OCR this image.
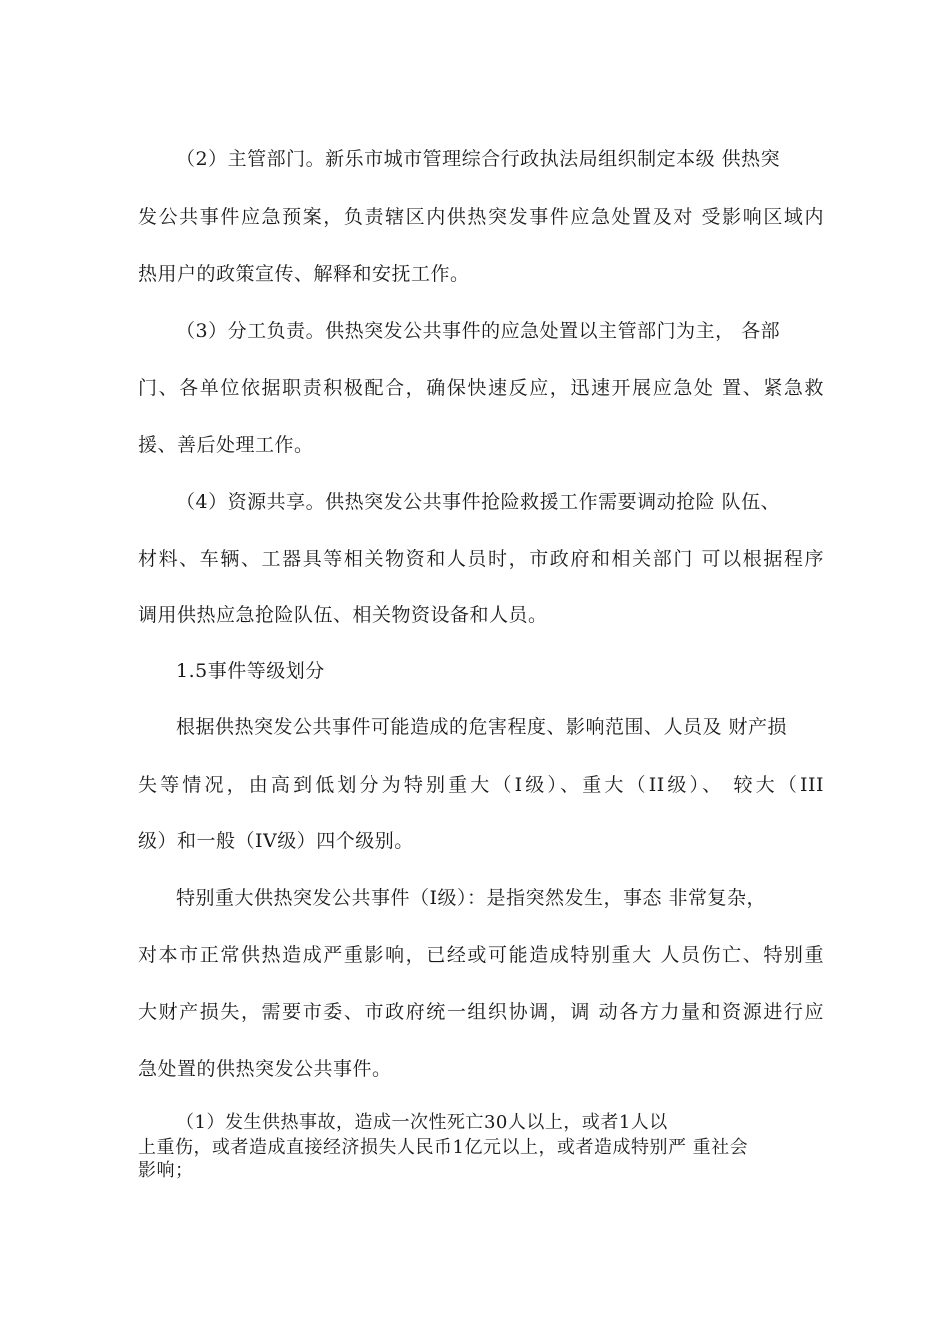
（2）主管部门。新乐市城市管理综合行政执法局组织制定本级 供热突
发公共事件应急预案，负责辖区内供热突发事件应急处置及对 受影响区域内
热用户的政策宣传、解释和安抚工作。
（3）分工负责。供热突发公共事件的应急处置以主管部门为主， 各部
门、各单位依据职责积极配合，确保快速反应，迅速开展应急处 置、紧急救
援、善后处理工作。
（4）资源共享。供热突发公共事件抢险救援工作需要调动抢险 队伍、
材料、车辆、工器具等相关物资和人员时，市政府和相关部门 可以根据程序
调用供热应急抢险队伍、相关物资设备和人员。
1.5事件等级划分
根据供热突发公共事件可能造成的危害程度、影响范围、人员及 财产损
失等情况，由高到低划分为特别重大（Ⅰ级）、重大（II级）、 较大（III
级）和一般（IV级）四个级别。
特别重大供热突发公共事件（Ⅰ级）：是指突然发生，事态 非常复杂，
对本市正常供热造成严重影响，已经或可能造成特别重大 人员伤亡、特别重
大财产损失，需要市委、市政府统一组织协调，调 动各方力量和资源进行应
急处置的供热突发公共事件。
（1）发生供热事故，造成一次性死亡30人以上，或者1人以
上重伤，或者造成直接经济损失人民币1亿元以上，或者造成特别严 重社会
影响；
